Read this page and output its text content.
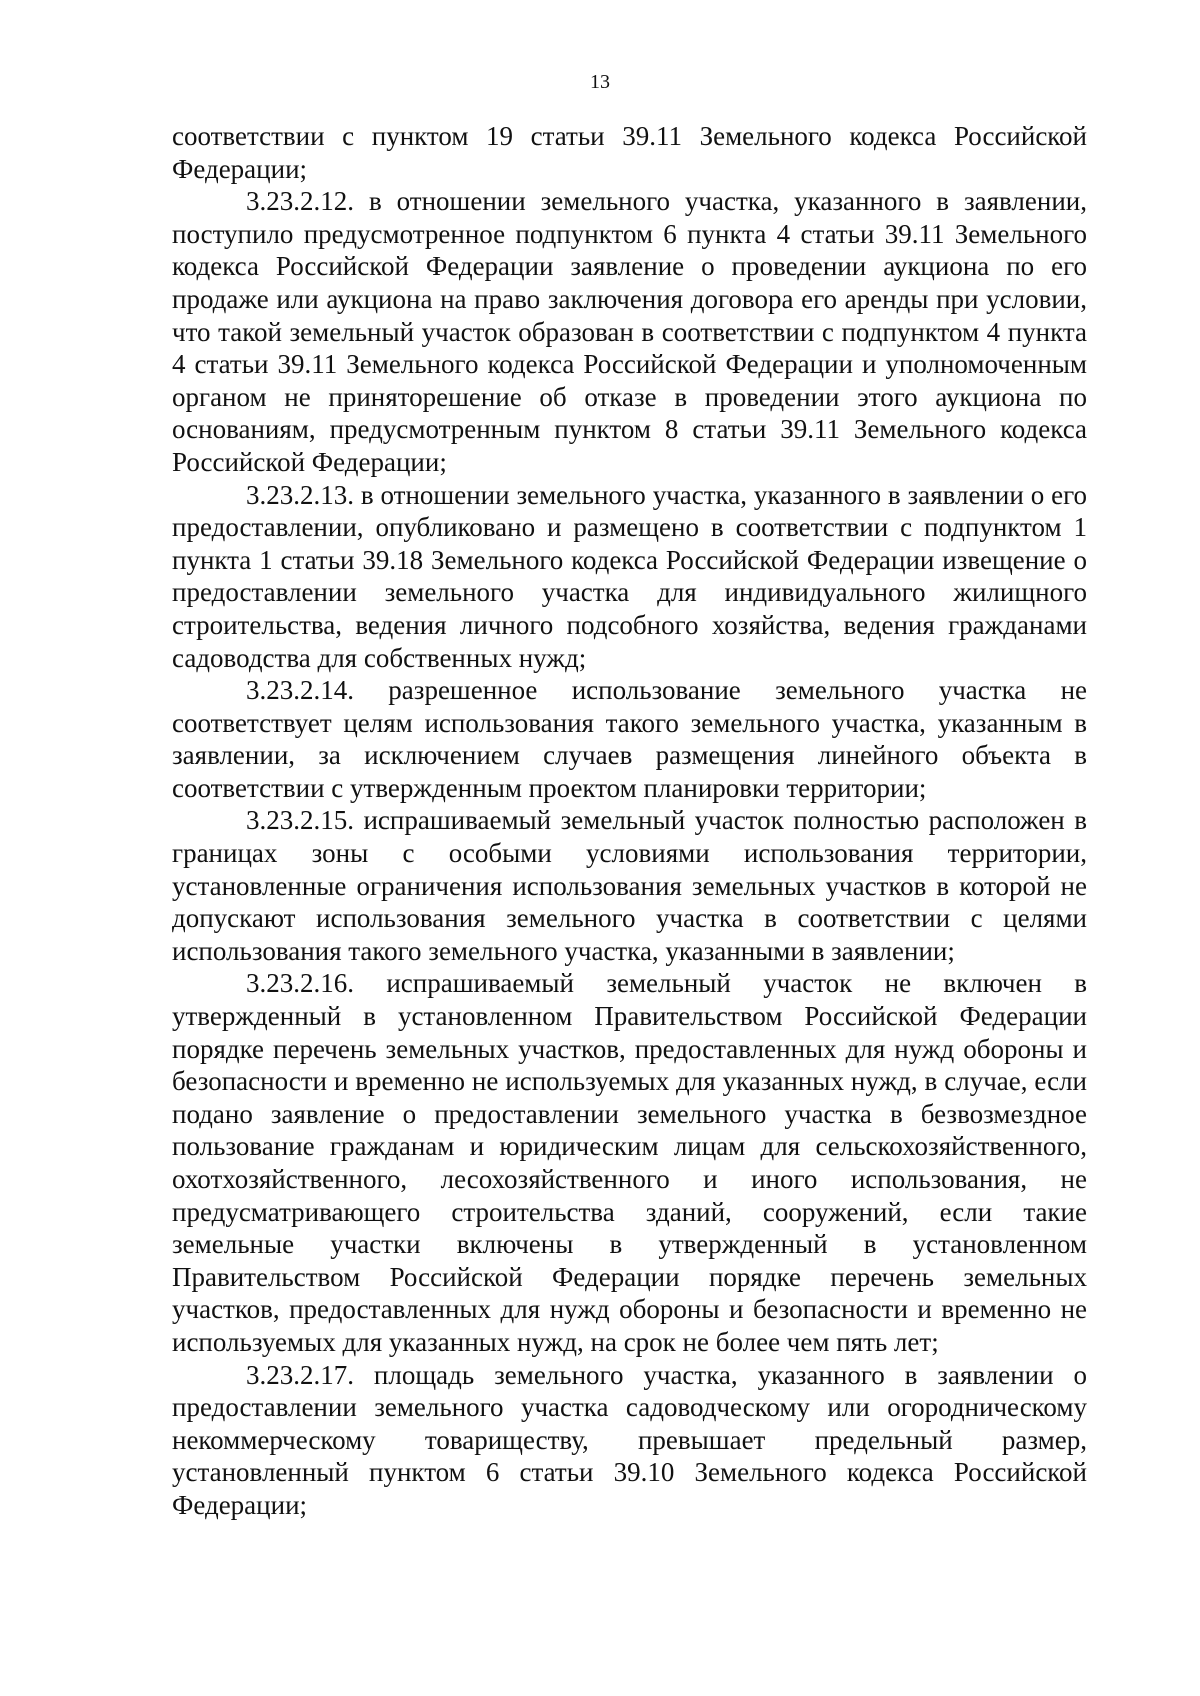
13

соответствии с пунктом 19 статьи 39.11 Земельного кодекса Российской Федерации;

3.23.2.12. в отношении земельного участка, указанного в заявлении, поступило предусмотренное подпунктом 6 пункта 4 статьи 39.11 Земельного кодекса Российской Федерации заявление о проведении аукциона по его продаже или аукциона на право заключения договора его аренды при условии, что такой земельный участок образован в соответствии с подпунктом 4 пункта 4 статьи 39.11 Земельного кодекса Российской Федерации и уполномоченным органом не приняторешение об отказе в проведении этого аукциона по основаниям, предусмотренным пунктом 8 статьи 39.11 Земельного кодекса Российской Федерации;

3.23.2.13. в отношении земельного участка, указанного в заявлении о его предоставлении, опубликовано и размещено в соответствии с подпунктом 1 пункта 1 статьи 39.18 Земельного кодекса Российской Федерации извещение о предоставлении земельного участка для индивидуального жилищного строительства, ведения личного подсобного хозяйства, ведения гражданами садоводства для собственных нужд;

3.23.2.14. разрешенное использование земельного участка не соответствует целям использования такого земельного участка, указанным в заявлении, за исключением случаев размещения линейного объекта в соответствии с утвержденным проектом планировки территории;

3.23.2.15. испрашиваемый земельный участок полностью расположен в границах зоны с особыми условиями использования территории, установленные ограничения использования земельных участков в которой не допускают использования земельного участка в соответствии с целями использования такого земельного участка, указанными в заявлении;

3.23.2.16. испрашиваемый земельный участок не включен в утвержденный в установленном Правительством Российской Федерации порядке перечень земельных участков, предоставленных для нужд обороны и безопасности и временно не используемых для указанных нужд, в случае, если подано заявление о предоставлении земельного участка в безвозмездное пользование гражданам и юридическим лицам для сельскохозяйственного, охотхозяйственного, лесохозяйственного и иного использования, не предусматривающего строительства зданий, сооружений, если такие земельные участки включены в утвержденный в установленном Правительством Российской Федерации порядке перечень земельных участков, предоставленных для нужд обороны и безопасности и временно не используемых для указанных нужд, на срок не более чем пять лет;

3.23.2.17. площадь земельного участка, указанного в заявлении о предоставлении земельного участка садоводческому или огородническому некоммерческому товариществу, превышает предельный размер, установленный пунктом 6 статьи 39.10 Земельного кодекса Российской Федерации;
